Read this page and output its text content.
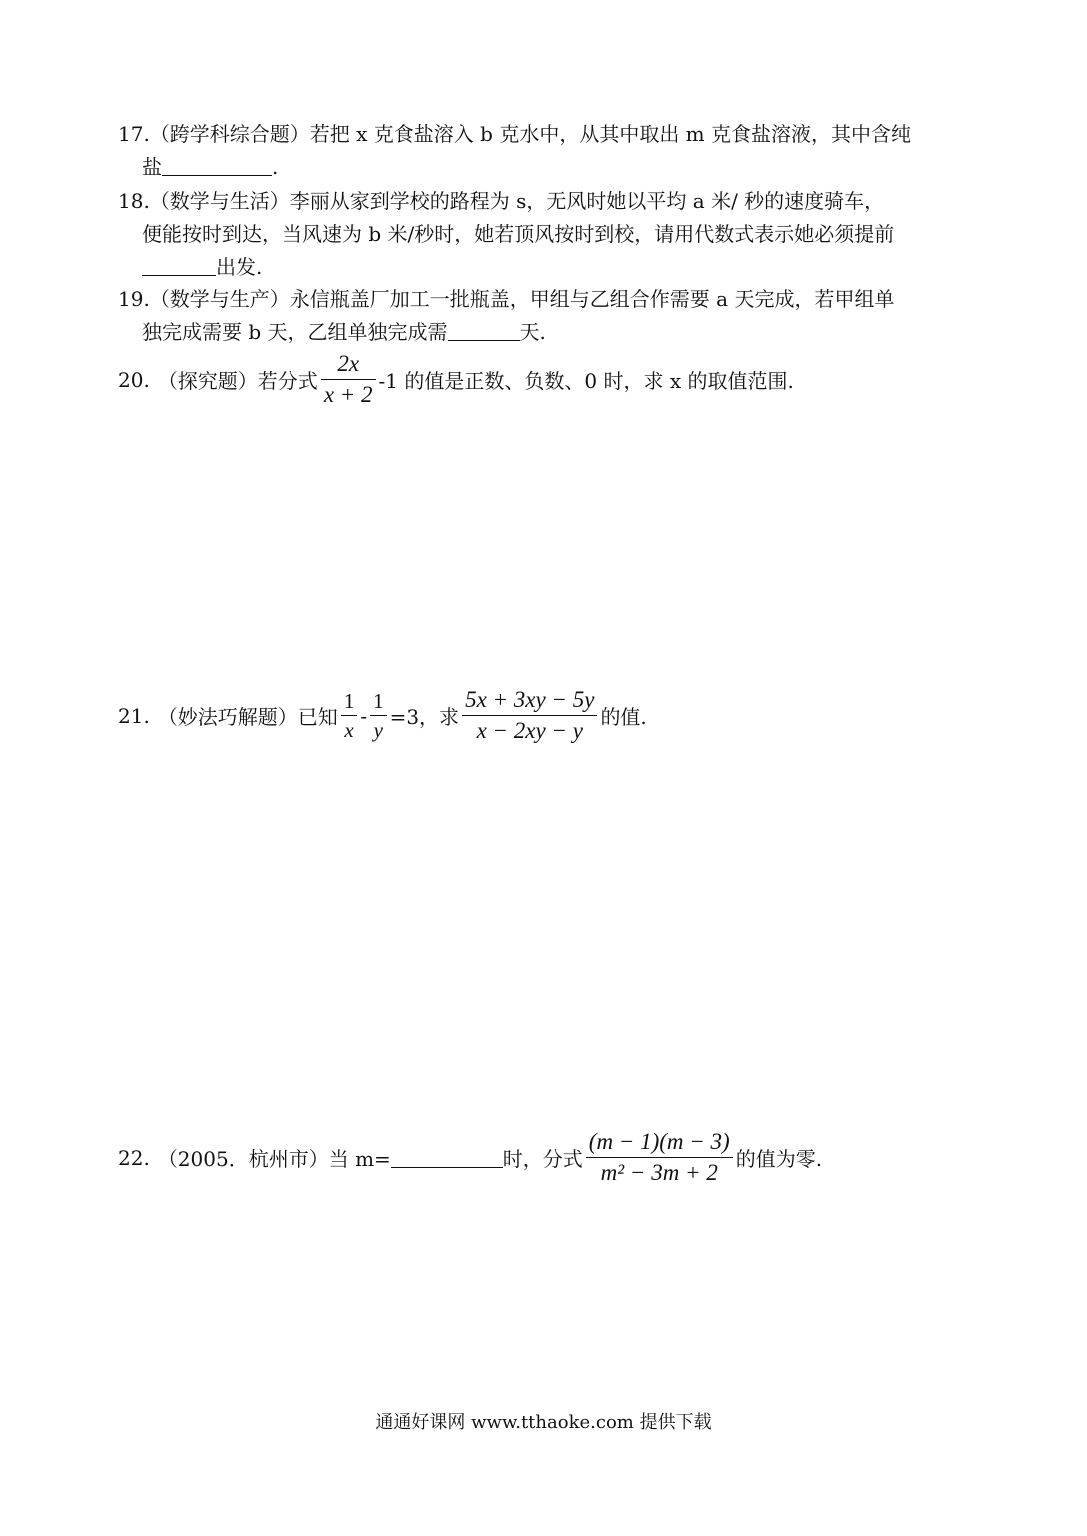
17.（跨学科综合题）若把 x 克食盐溶入 b 克水中，从其中取出 m 克食盐溶液，其中含纯
盐	.
18.（数学与生活）李丽从家到学校的路程为 s，无风时她以平均 a 米/ 秒的速度骑车，
便能按时到达，当风速为 b 米/秒时，她若顶风按时到校，请用代数式表示她必须提前
出发.
19.（数学与生产）永信瓶盖厂加工一批瓶盖，甲组与乙组合作需要 a 天完成，若甲组单
独完成需要 b 天，乙组单独完成需	天.
20. （探究题）若分式 $\frac{2x}{x + 2} -1$ 的值是正数、负数、0 时，求 x 的取值范围.
21. （妙法巧解题）已知 $\frac{1}{x} - \frac{1}{y} =3$，求 $\frac{5x + 3xy - 5y}{x - 2xy - y}$ 的值.
22. （2005．杭州市）当 m=	时，分式 $\frac{(m - 1)(m - 3)}{\text{m² − 3m + 2}}$ 的值为零.
通通好课网 www.tthaoke.com 提供下载
